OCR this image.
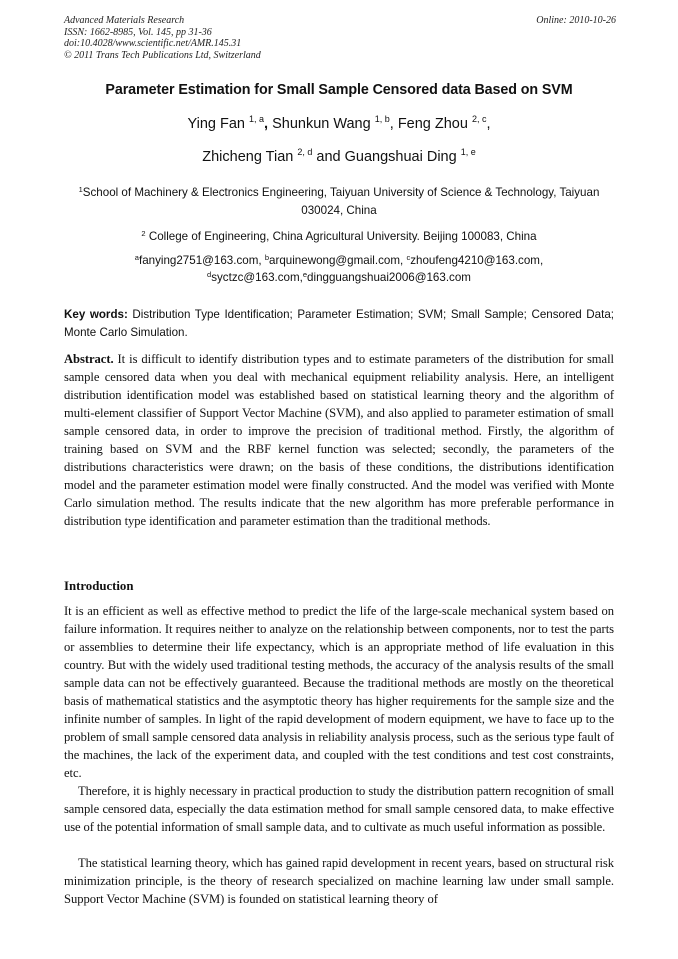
Advanced Materials Research
ISSN: 1662-8985, Vol. 145, pp 31-36
doi:10.4028/www.scientific.net/AMR.145.31
© 2011 Trans Tech Publications Ltd, Switzerland
Online: 2010-10-26
Parameter Estimation for Small Sample Censored data Based on SVM
Ying Fan $^{1, a}$, Shunkun Wang $^{1, b}$, Feng Zhou $^{2, c}$,
Zhicheng Tian $^{2, d}$ and Guangshuai Ding $^{1, e}$
$^1$School of Machinery & Electronics Engineering, Taiyuan University of Science & Technology, Taiyuan 030024, China
$^2$ College of Engineering, China Agricultural University. Beijing 100083, China
$^a$fanying2751@163.com, $^b$arquinewong@gmail.com, $^c$zhoufeng4210@163.com,
$^d$syctzc@163.com,$^e$dingguangshuai2006@163.com
Key words: Distribution Type Identification; Parameter Estimation; SVM; Small Sample; Censored Data; Monte Carlo Simulation.
Abstract. It is difficult to identify distribution types and to estimate parameters of the distribution for small sample censored data when you deal with mechanical equipment reliability analysis. Here, an intelligent distribution identification model was established based on statistical learning theory and the algorithm of multi-element classifier of Support Vector Machine (SVM), and also applied to parameter estimation of small sample censored data, in order to improve the precision of traditional method. Firstly, the algorithm of training based on SVM and the RBF kernel function was selected; secondly, the parameters of the distributions characteristics were drawn; on the basis of these conditions, the distributions identification model and the parameter estimation model were finally constructed. And the model was verified with Monte Carlo simulation method. The results indicate that the new algorithm has more preferable performance in distribution type identification and parameter estimation than the traditional methods.
Introduction
It is an efficient as well as effective method to predict the life of the large-scale mechanical system based on failure information. It requires neither to analyze on the relationship between components, nor to test the parts or assemblies to determine their life expectancy, which is an appropriate method of life evaluation in this country. But with the widely used traditional testing methods, the accuracy of the analysis results of the small sample data can not be effectively guaranteed. Because the traditional methods are mostly on the theoretical basis of mathematical statistics and the asymptotic theory has higher requirements for the sample size and the infinite number of samples. In light of the rapid development of modern equipment, we have to face up to the problem of small sample censored data analysis in reliability analysis process, such as the serious type fault of the machines, the lack of the experiment data, and coupled with the test conditions and test cost constraints, etc.
Therefore, it is highly necessary in practical production to study the distribution pattern recognition of small sample censored data, especially the data estimation method for small sample censored data, to make effective use of the potential information of small sample data, and to cultivate as much useful information as possible.
The statistical learning theory, which has gained rapid development in recent years, based on structural risk minimization principle, is the theory of research specialized on machine learning law under small sample. Support Vector Machine (SVM) is founded on statistical learning theory of
